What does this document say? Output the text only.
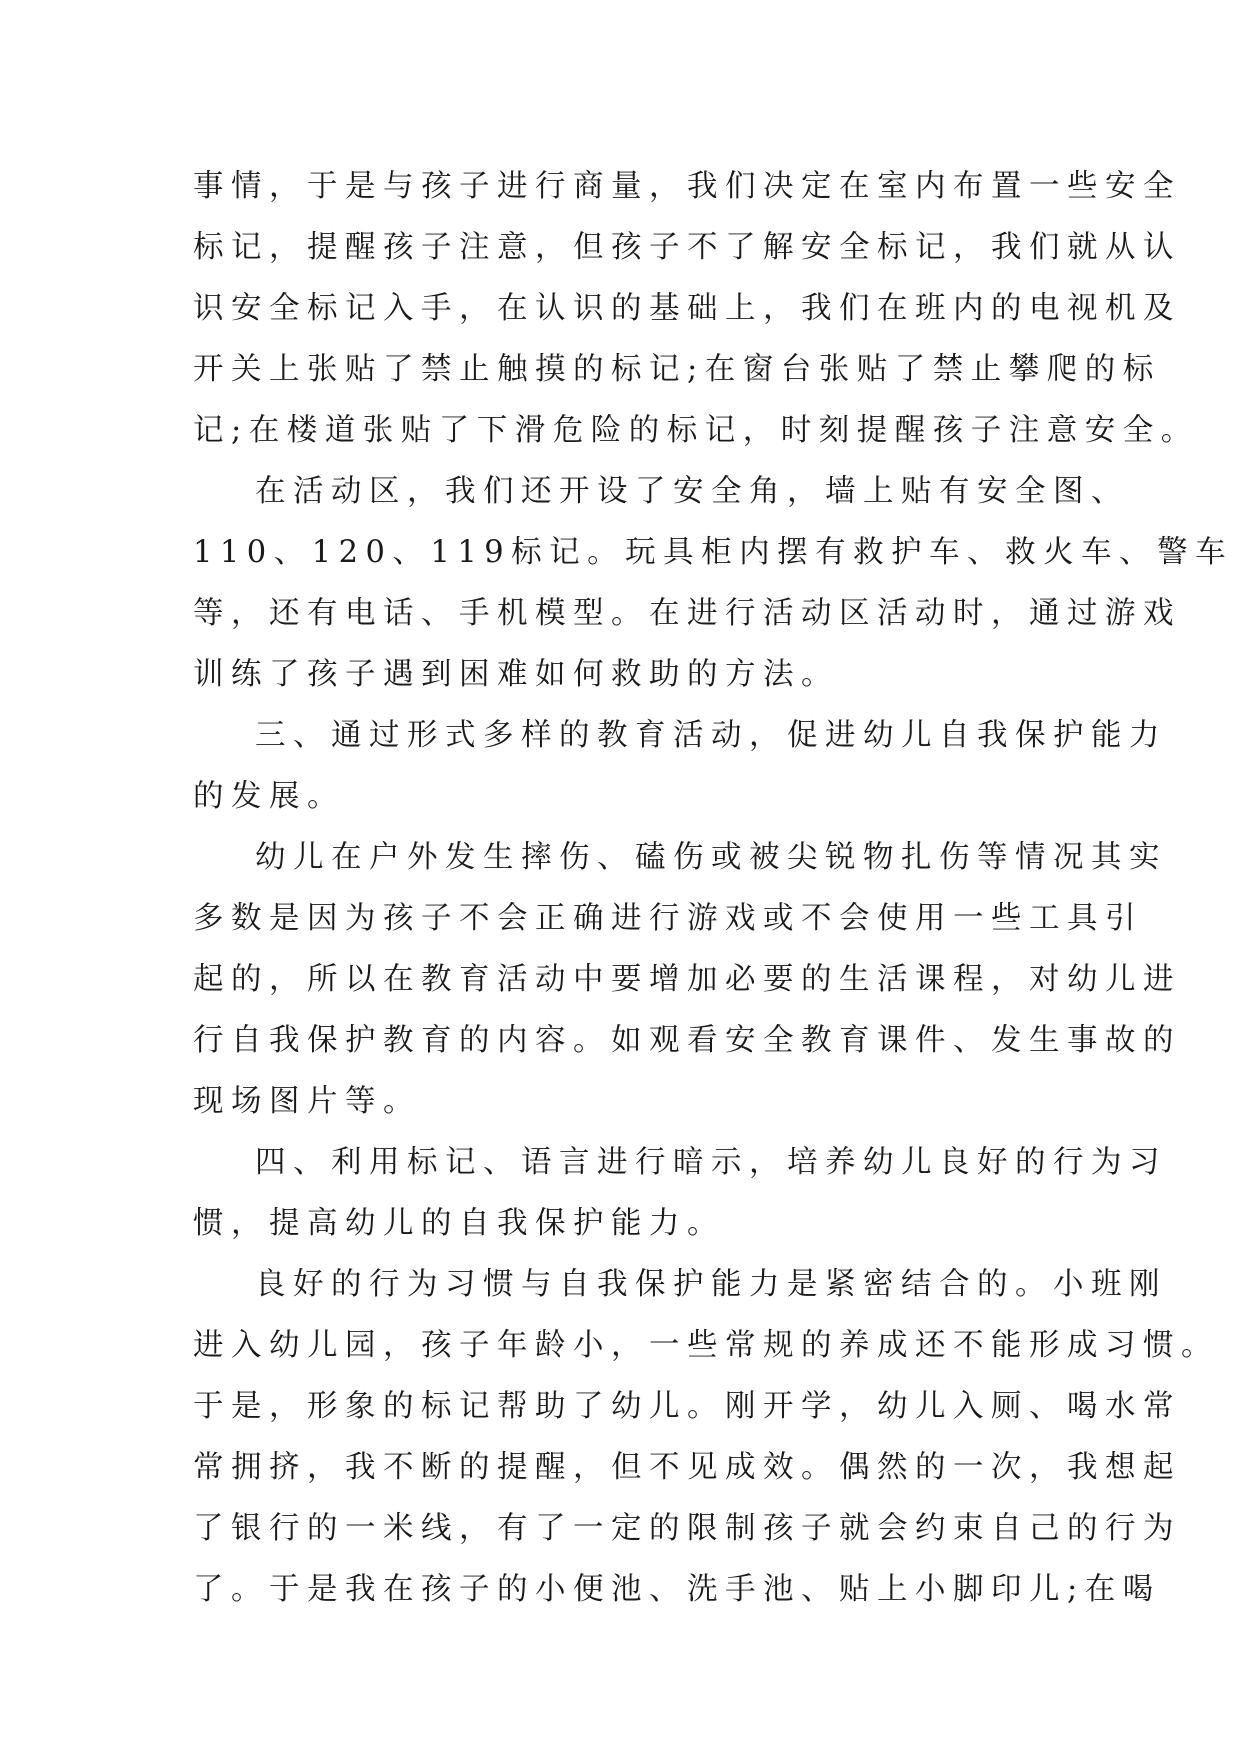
事情，于是与孩子进行商量，我们决定在室内布置一些安全
标记，提醒孩子注意，但孩子不了解安全标记，我们就从认
识安全标记入手，在认识的基础上，我们在班内的电视机及
开关上张贴了禁止触摸的标记;在窗台张贴了禁止攀爬的标
记;在楼道张贴了下滑危险的标记，时刻提醒孩子注意安全。
在活动区，我们还开设了安全角，墙上贴有安全图、
110、120、119标记。玩具柜内摆有救护车、救火车、警车
等，还有电话、手机模型。在进行活动区活动时，通过游戏
训练了孩子遇到困难如何救助的方法。
三、通过形式多样的教育活动，促进幼儿自我保护能力
的发展。
幼儿在户外发生摔伤、磕伤或被尖锐物扎伤等情况其实
多数是因为孩子不会正确进行游戏或不会使用一些工具引
起的，所以在教育活动中要增加必要的生活课程，对幼儿进
行自我保护教育的内容。如观看安全教育课件、发生事故的
现场图片等。
四、利用标记、语言进行暗示，培养幼儿良好的行为习
惯，提高幼儿的自我保护能力。
良好的行为习惯与自我保护能力是紧密结合的。小班刚
进入幼儿园，孩子年龄小，一些常规的养成还不能形成习惯。
于是，形象的标记帮助了幼儿。刚开学，幼儿入厕、喝水常
常拥挤，我不断的提醒，但不见成效。偶然的一次，我想起
了银行的一米线，有了一定的限制孩子就会约束自己的行为
了。于是我在孩子的小便池、洗手池、贴上小脚印儿;在喝
